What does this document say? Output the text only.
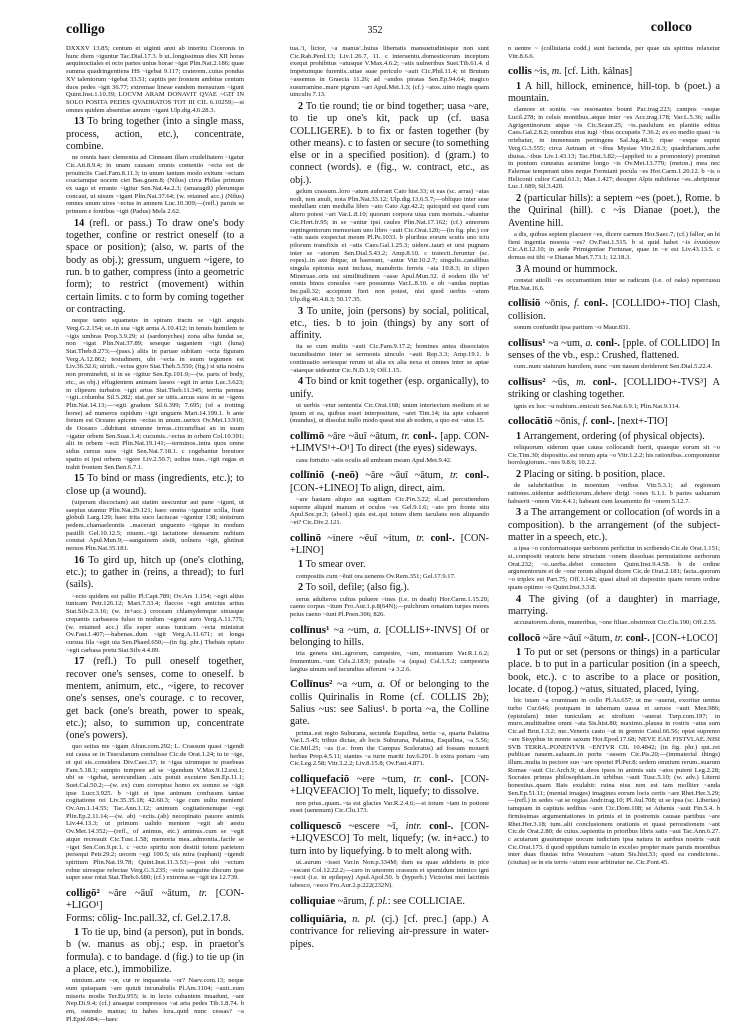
colligo	352	colloco

DXXXV 13.85; centum et uiginti anni ab interitu Ciceronis in hunc diem ~iguntur Tac.Dial.17.3. b ut..longissimus dies XII horas aequinoctiales et octo partes unius horae ~igat Plin.Nat.2.186; quae summa quadringentiens HS ~igebat 9.117; craterem..cuius pondus XV talentorum ~igebat 33.51; capitis per frontem ambitus centum duos pedes ~igit 36.77; extremae lineae eandem mensuram ~igunt Quint.Inst.1.10.39; LOCVM ARAM DONAVIT QVAE ~GIT IN SOLO POSITA PEDES QVADRATOS TOT III CIL 6.10259;—si omnes quidem absentiae annum ~igant Ulp.dig.4.6.28.3.

13 To bring together (into a single mass, process, action, etc.), concentrate, combine.

ne omnis haec clementia ad Cinneam illam crudelitatem ~igatur Cic.Att.8.9.4; in unam causam omnis contentio ~ecta est de prouinciis Cael.Fam.8.11.3; in unum tantum modo exitum ~ectam coactamque uocem ciet Bas.gram.8; (Nilus) circa Philas primum ex uago et errante ~igitur Sen.Nat.4a.2.3; (smaragdi) plerumque concaui, ut uisum ~igant Plin.Nat.37.64; (w. retained acc.) (Nilus) omnes unum uires ~ectus in amnem Luc.10.309;—(refl.) paruis se primum e fontibus ~igit (Padus) Mela 2.62.

14 (refl. or pass.) To draw one's body together, confine or restrict oneself (to a space or position); (also, w. parts of the body as obj.); gressum, unguem ~igere, to run. b to gather, compress (into a geometric form); to restrict (movement) within certain limits. c to form by coming together or contracting.

neque tanto squameus in spiram tractu se ~igit anguis Verg.G.2.154; se..in sua ~igit arma A.10.412; in tenuis humilem te ~igis umbras Prop.3.9.29; si (sardonyches) zona alba fundat se, non ~igat Plin.Nat.37.89; seseque uagantem ~igit (luna) Stat.Theb.8.273;—(pass.) aliis in paruae subitam ~ecta figuram Verg.A.12.862; testudinem, ubi ~ecta in suum tegumen est Liv.36.32.6; uiridi..~ectus gyro Stat.Theb.5.550; (fig.) si uita nostra non prominebit, si in se ~igitur Sen.Ep.101.9;—(w. parts of body, etc., as obj.) effugientem animam lassos ~egit in artus Luc.3.623; in clipeum turbatos ~igit artus Stat.Theb.11.345; territa pennas ~igit..columba Sil.5.282; stat..per se uitis..arcus suos in se ~igens Plin.Nat.14.13;—~egit gradum Sil.6.399; 7.695; (of a trotting horse) ad numeros rapidum ~igit unguem Mart.14.199.1. b ante fretum est Oceano apicem ~ectus in unum..uertex Ov.Met.13.910; de Oceano ..dubitant utrumne terras..circumfluat an in suum ~igatur orbem Sen.Suas.1.4; cucumis..~ectus in orbem Col.10.391; alii in orbem ~ecti Plin.Nat.19.141;—terminos..intra quos omne sidus cursus suos ~igit Sen.Nat.7.18.1. c cogebantur breuiore spatio et ipsi orbem ~igere Liv.2.50.7; uoltus tuus..~igit rugas et trahit frontem Sen.Ben.6.7.1.

15 To bind or mass (ingredients, etc.); to close up (a wound).

(uiperam discoctam) aut statim uescuntur aut pane ~igunt, ut saepius utantur Plin.Nat.29.121; haec omnia ~iguntur scilla, fiunt globuli Larg.129; haec trita suco lactucae ~iguntur 138; sinistrum pedem..chamaeleontis ..macerari unguento ~igique in modum pastilli Gel.10.12.5; niuem..~igi iactatione densarum nubium constat Apul.Mun.9;—sanguinem sistit, uolnera ~igit, glutinat neruos Plin.Nat.35.181.

16 To gird up, hitch up (one's clothing, etc.); to gather in (reins, a thread); to furl (sails).

~ecto quidem est pallio Pl.Capt.789; Ov.Ars 1.154; ~egit altius tunicam Petr.126.12; Mart.7.33.4; flaccos ~egit amictus artius Stat.Silv.2.3.16; (w. in+acc.) croceam chlamydemque sinusque crepantis carbaseos fuluo in nodum ~egerat auro Verg.A.11.775; (w. retained acc.) illa super suras tunicam ~ecta ministrat Ov.Fast.1.407;—habenas..dum ~igit Verg.A.11.671; et longa cursua fila ~egit uia Sen.Phaed.650;—(in fig. phr.) Thebais optato ~egit carbasa portu Stat.Silv.4.4.89.

17 (refl.) To pull oneself together, recover one's senses, come to oneself. b mentem, animum, etc., ~igere, to recover one's senses, one's courage. c to recover, get back (one's breath, power to speak, etc.); also, to summon up, concentrate (one's powers).

quo setius me ~igam Afran.com.292; L. Crassum quasi ~igendi sui causa se in Tusculanum contulisse Cic.de Orat.1.24; tu te ~ige, et qui sis..considera Div.Caec.37; te ~igas uirumque te praebeas Fam.5.18.1; sumpto tempore ad se ~igendum V.Max.9.12.ext.1; ubi se ~igebat, uerecundiam ..uix potuit excutere Sen.Ep.11.1; Suet.Cal.50.2;—(w. ex) cum correptus homo ex somno se ~igit ipse Lucr.3.925. b ~igit et ipse animum confusum tantae cogitatione rei Liv.35.35.18; 42.60.3; ~ige cum uultu meniem! Ov.Am.1.14.55; Tac.Ann.1.12; animum cogitationemque ~egi Plin.Ep.2.11.14;—(w. ab) ~ectis..(ab) necopinato pauore animis Liv.44.13.3; ut primum ualido mentem ~egit ab aestu Ov.Met.14.352;—(refl., of animus, etc.) animus..cum se ~egit atque recreauit Cic.Tusc.1.58; memoria mea..admonita..facile se ~iget Sen.Con.9.pr.1. c ~ecto spiritu non destiti totum parietem persequi Petr.29.2; uocem ~egi 100.5; uis mira (raphani) ~igendi spiritum Plin.Nat.19.78; Quint.Inst.11.3.53;—post ubi ~ectum robur uiresque refectae Verg.G.3.235; ~ecto sanguine discum ipse super sese rotat Stat.Theb.6.680; (cf.) extrema se ~igit ira 12.739.

colligō² ~āre ~āuī ~ātum, tr. [CON-+LIGO¹]
Forms: cōlig- Inc.pall.32, cf. Gel.2.17.8.

1 To tie up, bind (a person), put in bonds. b (w. manus as obj.; esp. in praetor's formula). c to bandage. d (fig.) to tie up (in a place, etc.), immobilize.

nimium..arte ~or, cur re inquaesita ~or? Naev.com.13; neque eum quisquam ~are quiuit incunabulis Pl.Am.1104; ~auit..eum miseris modis Ter.Eu.955; is in lecto cubantem inuadunt, ~ant Nep.Di.9.4; (cf.) ansaque compressos ~at arta pedes Tib.1.8.74. b em, ostendo manus; tu habes lora..quid nunc cessas? ~a Pl.Epid.684;—haec

tua..'i, lictor, ~a manus'..huius libertatis mansuetudinisque non sunt Cic.Rab.Perd.13; Liv.1.26.7, 11. c interuentu..domesticorum inceptum exequi prohibitus ~atusque V.Max.4.6.2; ~atis uulneribus Suet.Tib.61.4. d impetumque furentis..uitae suae periculo ~auit Cic.Phil.11.4; ni Brutum ~assemus in Graecia 11.26; ad ~andos piratas Sen.Ep.94.64; magico susurramine..mare pigrum ~ari Apul.Met.1.3; (cf.) ~atos..uino magis quam uinculis 7.13.

2 To tie round; tie or bind together; uasa ~are, to tie up one's kit, pack up (cf. uasa COLLIGERE). b to fix or fasten together (by other means). c to fasten or secure (to something else or in a specified position). d (gram.) to connect (words). e (fig., w. contract, etc., as obj.).

gelum crassum..loro ~atum auferant Cato hist.33; et eas (sc. arras) ~atas nodi, non anuli, nota Plin.Nat.33.12; Ulp.dig.13.6.5.7;—obliquo inter sese medullam cum medulla libro ~ato Cato Agr.42.2; quicquid est quod cum altero potest ~ari Var.L.8.10; quorum corpora uiua cum mortuis..~abantur Cic.Hort.fr.95; in se ~antur ipsi caules Plin.Nat.17.162; (cf.) annorum septingentorum memoriam uno libro ~auit Cic.Orat.120;—(in fig. phr.) cor ~atis uasis exspectat meum Pl.Ps.1033. b pluribus eorum scutis uno ictu pilorum transfixis et ~atis Caes.Gal.1.25.3; uidere..tauri et ursi pugnam inter se ~atorum Sen.Dial.5.43.2; Amp.8.10. c traiecti..feruntur (sc. ropes)..in axe ibique, ut haereant, ~antur Vitr.10.2.7; singulis..canalibus singula epitonia sunt inclusa, manubriis ferreis ~ata 10.8.3; in clipeo Mineruae..oris sui similitudinem ~asse Apul.Mun.32. d eodem illo 'et' omnis binos consules ~are possumus Var.L.8.10. e ob ~andas nuptias Inc.pall.32; acceptum fieri non potest, nisi quod uerbis ~atum Ulp.dig.46.4.8.3; 50.17.35.

3 To unite, join (persons) by social, political, etc., ties. b to join (things) by any sort of affinity.

ita se cum multis ~auit Cic.Fam.9.17.2; homines antea dissociatos iucundissimo inter se sermonis uinculo ~auit Rep.3.3; Amp.19.1. b continuatio seriesque rerum ut alia ex alia nexa et omnes inter se aptae ~ataeque uideantur Cic.N.D.1.9; Off.1.15.

4 To bind or knit together (esp. organically), to unify.

ut uerbis ~etur sententia Cic.Orat.168; unum interiectum medium et se ipsum et ea, quibus esset interpositum, ~aret Tim.14; ita apte cohaeret (mundus), ut dissolui nullo modo queat nisi ab eodem, a quo est ~atus 15.

collīmō ~āre ~āuī ~ātum, tr. conl-. [app. CON-+LIMVS¹+-O¹] To direct (the eyes) sideways.

casu fortuito ~atis oculis ad umbram meam Apul.Met.9.42.

collīniō (-neō) ~āre ~āuī ~ātum, tr. conl-. [CON-+LINEO] To align, direct, aim.

~are hastam aliquo aut sagittam Cic.Fin.3.22; sl..ad percutiendum superne aliquid manum et oculos ~es Gel.9.1.6; ~ato pro fronte situ Apul.Soc.pr.3; (absol.) quis est..qui totum diem iaculans non aliquando ~et? Cic.Div.2.121.

collinō ~inere ~ēuī ~itum, tr. conl-. [CON-+LINO]

1 To smear over.

compositis cum ~ĕuit ora uenenis Ov.Rem.351; Gel.17.9.17.

2 To soil, defile; (also fig.).

serus adulteros cultus puluere ~ines (i.e. in death) Hor.Carm.1.15.20; caeno corpus ~itum Fro.Aur.1.p.8(64N);—pulchrum ornatum turpes mores peius caeno ~iunt Pl.Poen.306; 826.

collīnus¹ ~a ~um, a. [COLLIS+-INVS] Of or belonging to hills.

tria genera sint..agrorum, campestre, ~um, montanum Var.R.1.6.2; frumentum..~um Cels.2.18.9; putealis ~a (aqua) Col.1.5.2; campestria largius uinum sed iucundius afferunt ~a 3.2.6.

Collīnus² ~a ~um, a. Of or belonging to the collis Quirinalis in Rome (cf. COLLIS 2b); Salius ~us: see Salius¹. b porta ~a, the Colline gate.

prima..est regio Suburana, secunda Esquilina, tertia ~a, quarta Palatina Var.L.5.45; tribus dictae, ab locis Suburana, Palatina, Esquilina, ~a 5.56; Cic.Mil.25; ~as (i.e. from the Campus Sceleratus) ad fossam mouerit herbas Prop.4.5.11; stantes ~a turre mariti Juv.6.291. b extra portam ~am Cic.Leg.2.58; Vitr.3.2.2; Liv.8.15.8; Ov.Fast.4.871.

colliquefaciō ~ere ~tum, tr. conl-. [CON-+LIQVEFACIO] To melt, liquefy; to dissolve.

non prius..quam..~ta est glacies Var.R.2.4.6;—si totum ~tam in potione esset (uenenum) Cic.Clu.173.

colliquescō ~escere ~ī, intr. conl-. [CON-+LIQVESCO] To melt, liquefy; (w. in+acc.) to turn into by liquefying. b to melt along with.

ut..aurum ~isset Var.in Non.p.334M; dum ea quae addideris in pice ~escant Col.12.22.2;—caro in umorem crassum et spumidum inimico igni ~escit (i.e. in epilepsy) Apul.Apol.50. b (hyperb.) Victorini mei lacrimis tabesco, ~esco Fro.Aur.2.p.222(232N).

colliquiae ~ārum, f. pl.: see COLLICIAE.

colliquiāria, n. pl. (cj.) [cf. prec.] (app.) A contrivance for relieving air-pressure in water-pipes.

n uentre ~ (colliuiaria codd.) sunt facienda, per quae uis spiritus relaxetur Vitr.8.6.6.

collis ~is, m. [cf. Lith. kálnas]

1 A hill, hillock, eminence, hill-top. b (poet.) a mountain.

clamore et sonitu ~es resonantes bount Pac.trag.223; campos ~esque Lucil.278; in celsis montibus..atque inter ~es Acc.trag.178; Var.L.5.36; uallis Agrigentinorum atque ~is Cic.Scaur.25; ~is..paululum ex planitie editus Caes.Gal.2.8.2; omnibus eius iugi ~ibus occupatis 7.36.2; ex eo medio quasi ~is oriebatur, in immensum pertingens Sal.Jug.48.3; ripae ~esque supini Verg.G.3.555; circa Aetnam et ~ibus Mysiae Vitr.2.6.3; quadrifariam..urbe diuisa..~ibus Liv.1.43.13; Tac.Hist.3.82;—(applied to a promontory) prominet in pontum cuneatus acumine longo ~is Ov.Met.13.779; (meton.) mea nec Falernae temperant uites neque Formiani pocula ~es Hor.Carm.1.20.12. b ~is o Heliconii cultor Catul.61.1; Man.1.427; desuper Alpis nubiferae ~es..abripimur Luc.1.689; Sil.3.420.

2 (particular hills): a septem ~es (poet.), Rome. b the Quirinal (hill). c ~is Dianae (poet.), the Aventine hill.

a dis, quibus septem placuere ~es, dicere carmen Hor.Saec.7; (cf.) fallor, an hi fient ingentia moenia ~es? Ov.Fast.1.515. b si quid habet ~is ἐνιαύσιον Cic.Att.12.10; in aede Primigeniae Fortunae, quae in ~e est Liv.43.13.5. c domus est tibi ~e Dianae Mart.7.73.1; 12.18.3.

3 A mound or hummock.

constat attolli ~es occurrantium inter se radicum (i.e. of oaks) repercussu Plin.Nat.16.6.

collīsiō ~ōnis, f. conl-. [COLLIDO+-TIO] Clash, collision.

sonum confundit ipsa partium ~o Maur.831.

collīsus¹ ~a ~um, a. conl-. [pple. of COLLIDO] In senses of the vb., esp.: Crushed, flattened.

cum..nunc staturam humilem, nunc ~um nasum deriderent Sen.Dial.5.22.4.

collīsus² ~ūs, m. conl-. [COLLIDO+-TVS³] A striking or clashing together.

ignis ex hoc ~u nubium..emicuit Sen.Nat.6.9.1; Plin.Nat.9.114.

collocātiō ~ōnis, f. conl-. [next+-TIO]

1 Arrangement, ordering (of physical objects).

reliquorum siderum quae causa collocandi fuerit, quaeque eorum sit ~o Cic.Tim.30; dispositio..est rerum apta ~o Vitr.1.2.2; his rationibus..componuntur horologiorum..~nes 9.8.6; 10.2.2.

2 Placing or siting. b position, place.

de salubritatibus in moenium ~onibus Vitr.5.3.1; ad regionum rationes..uidentur aedificiorum..debere dirigi ~ones 6.1.1. b paries ualuarum habuerit ~onem Vitr.4.4.1; habeant cum laxamento ibi ~onem 5.12.7.

3 a The arrangement or collocation (of words in a composition). b the arrangement (of the subject-matter in a speech, etc.).

a ipsa ~o conformatioque uerborum perficitur in scribendo Cic.de Orat.1.151; si..compositi oratoris bene structam ~onem dissoluas permutatione uerborum Orat.232; ~o..uerba..debet conectere Quint.Inst.9.4.58. b de ordine argumentorum et de ~one rerum aliquid dicere Cic.de Orat.2.181; facta..quorum ~o triplex est Part.75; Off.1.142; quasi aliud sit dispositio quam rerum ordine quam optimo ~o Quint.Inst.3.3.8.

4 The giving (of a daughter) in marriage, marrying.

accusatorem..donis, muneribus, ~one filiae..obstrinxit Cic.Clu.190; Off.2.55.

collocō ~āre ~āuī ~ātum, tr. conl-. [CON-+LOCO]

1 To put or set (persons or things) in a particular place. b to put in a particular position (in a speech, book, etc.). c to ascribe to a place or position, locate. d (topog.) ~atus, situated, placed, lying.

hic istam ~a cruminam in collo Pl.As.657; ut me ~auerat, exoritur uentus turbo Cur.646; postquam in tabernam uassa et seruos ~auit Men.986; (epistulam) inter tuniculam ac strofium ~auerat Turp.com.197; in muro..multitudine omni ~ata Sis.hist.80; maximo..plausu in rostris ~atus sum Cic.ad Brut.1.3.2; me..Veneris casto ~at in gremio Catul.66.56; optat supremo ~are Sisyphus in monte saxum Hor.Epod.17.68; NEVE EAE FISTVLAE..NISI SVB TERRA..PONENTVR ~ENTVR CIL 10.4842; (in fig. phr.) qui..rei publicae nauem..saluam..in portu ~assem Cic.Pis.20;—(immaterial things) illum..multa in pectore suo ~are oportet Pl.Per.8; sedem omnium rerum..suarum Romae ~auit Cic.Arch.9; ut..deos ipsos in animis suis ~atos putent Leg.2.28; Socrates primus philosophiam..in urbibus ~auit Tusc.5.10; (w. adv.) Literni honestius..quam Bais exulabit: ruina eius non est tam molliter ~anda Sen.Ep.51.11; (mental images) imagines eorum locis certis ~are Rhet.Her.3.29;—(refl.) in sedes ~at se regias Andr.trag.10; Pl.Aul.708; ut se ipsa (sc. Libertas) tamquam in captiuis sedibus ~aret Cic.Dom.108; se Athenis ~auit Fin.5.4. b firmissimas argumentationes in primis et in postremis causae partibus ~are Rhet.Her.3.18; tum..alii conclusionem orationis et quasi perorationem ~ant Cic.de Orat.2.80; de cuius..sapientia in prioribus libris satis ~aui Tac.Ann.6.27. c acutarum grauiumque uocum iudicium ipsa natura in auribus nostris ~auit Cic.Orat.173. d quod oppidum tumulo in excelso propter mare paruis moenibus inter duas fluuias infra Vesuuium ~atum Sis.hist.53; quod ea condicione..(ciuitas) se in eis terris ~atum esse arbitratur ne..Cic.Font.45.
